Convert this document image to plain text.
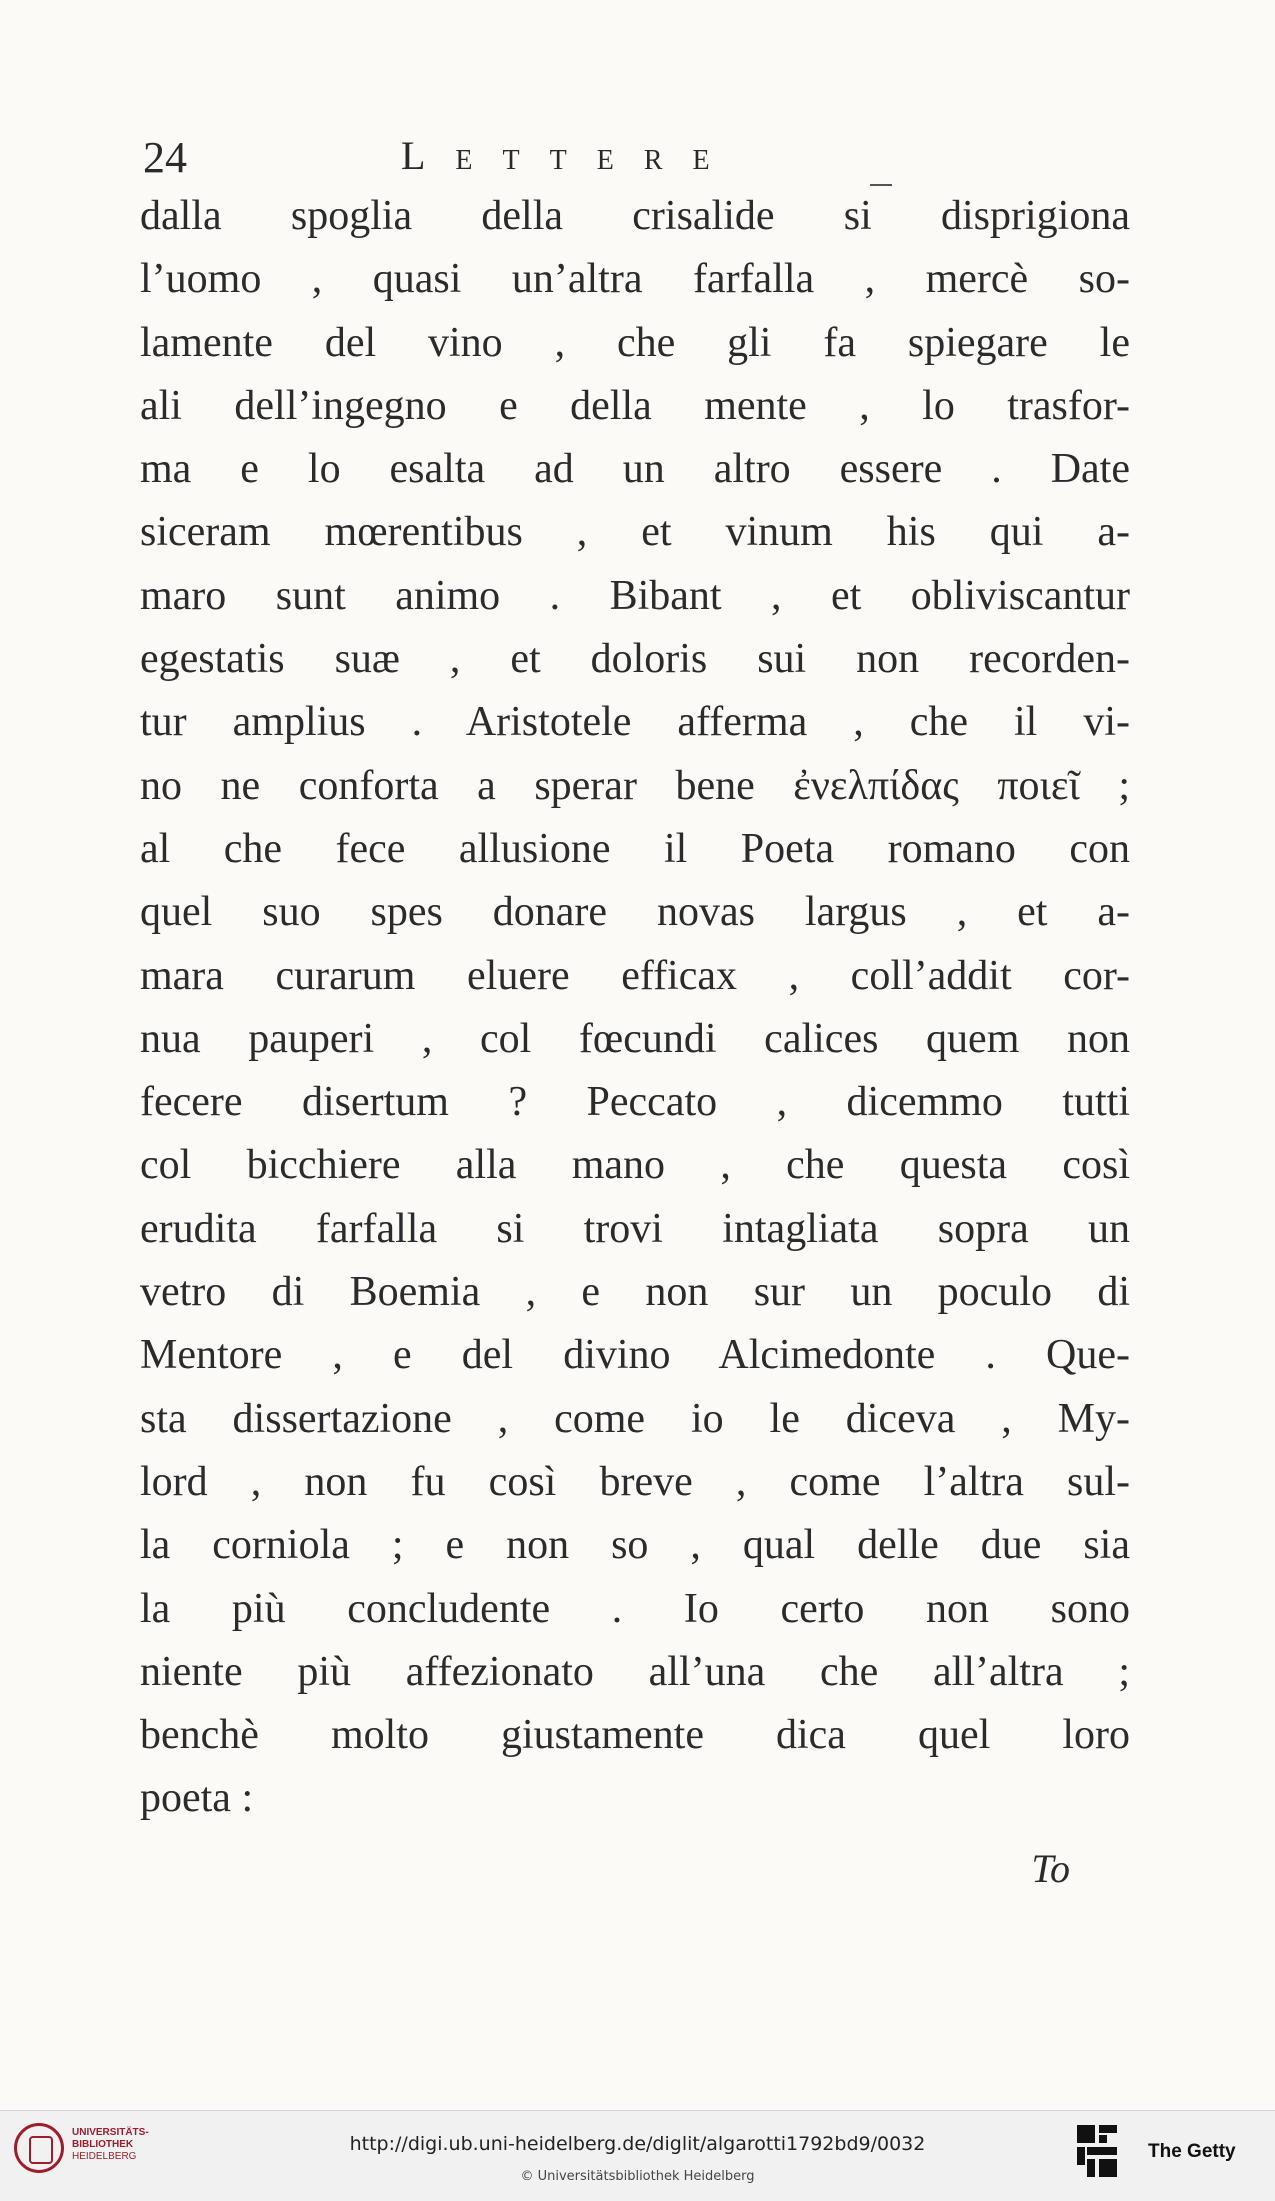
24	Lettere
dalla spoglia della crisalide si disprigiona
l’uomo , quasi un’altra farfalla , mercè so-
lamente del vino , che gli fa spiegare le
ali dell’ingegno e della mente , lo trasfor-
ma e lo esalta ad un altro essere . Date
siceram mœrentibus , et vinum his qui a-
maro sunt animo . Bibant , et obliviscantur
egestatis suæ , et doloris sui non recorden-
tur amplius . Aristotele afferma , che il vi-
no ne conforta a sperar bene ἐνελπίδας ποιεῖ ;
al che fece allusione il Poeta romano con
quel suo spes donare novas largus , et a-
mara curarum eluere efficax , coll’addit cor-
nua pauperi , col fœcundi calices quem non
fecere disertum ? Peccato , dicemmo tutti
col bicchiere alla mano , che questa così
erudita farfalla si trovi intagliata sopra un
vetro di Boemia , e non sur un poculo di
Mentore , e del divino Alcimedonte . Que-
sta dissertazione , come io le diceva , My-
lord , non fu così breve , come l’altra sul-
la corniola ; e non so , qual delle due sia
la più concludente . Io certo non sono
niente più affezionato all’una che all’altra ;
benchè molto giustamente dica quel loro
poeta :
To
UNIVERSITÄTS-
BIBLIOTHEK
HEIDELBERG
http://digi.ub.uni-heidelberg.de/diglit/algarotti1792bd9/0032
© Universitätsbibliothek Heidelberg
The Getty
